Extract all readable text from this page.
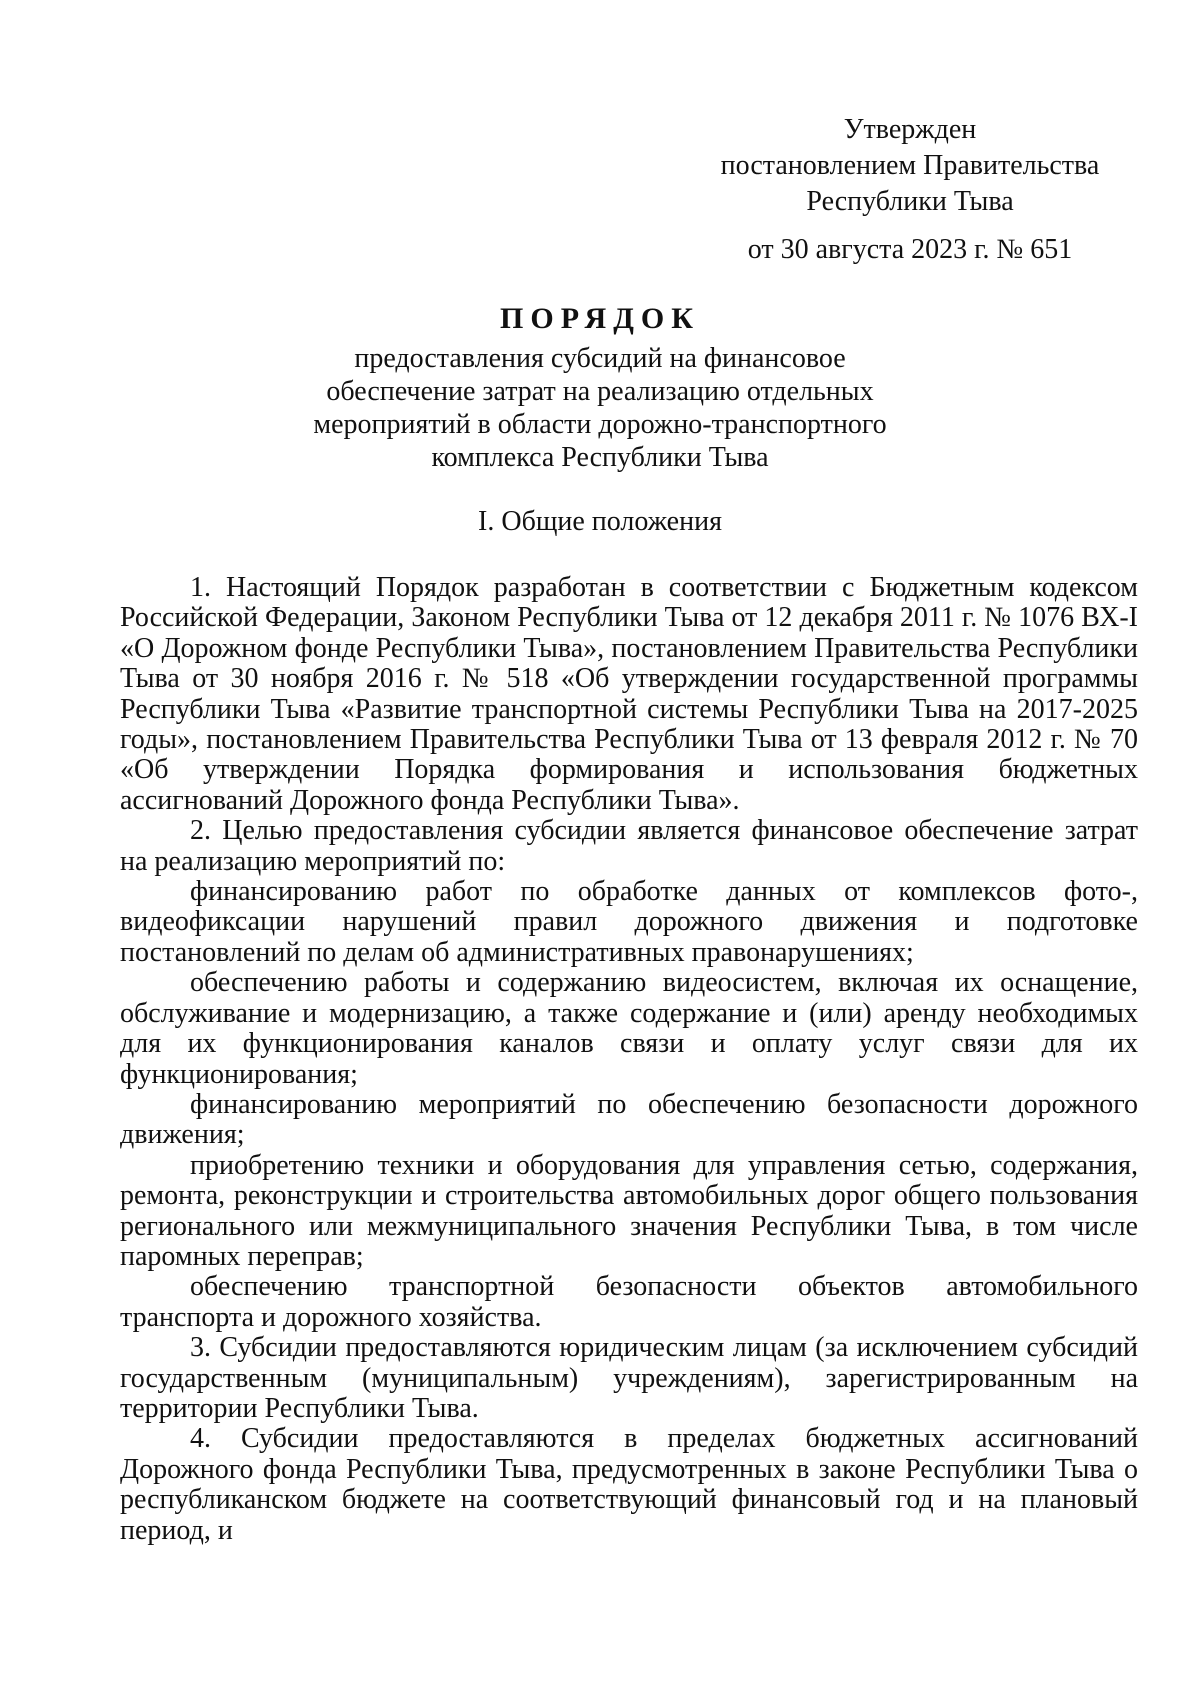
Утвержден
постановлением Правительства
Республики Тыва
от 30 августа 2023 г. № 651

ПОРЯДОК

предоставления субсидий на финансовое
обеспечение затрат на реализацию отдельных
мероприятий в области дорожно-транспортного
комплекса Республики Тыва

I. Общие положения

1. Настоящий Порядок разработан в соответствии с Бюджетным кодексом Российской Федерации, Законом Республики Тыва от 12 декабря 2011 г. № 1076 ВХ-I «О Дорожном фонде Республики Тыва», постановлением Правительства Республики Тыва от 30 ноября 2016 г. № 518 «Об утверждении государственной программы Республики Тыва «Развитие транспортной системы Республики Тыва на 2017-2025 годы», постановлением Правительства Республики Тыва от 13 февраля 2012 г. № 70 «Об утверждении Порядка формирования и использования бюджетных ассигнований Дорожного фонда Республики Тыва».

2. Целью предоставления субсидии является финансовое обеспечение затрат на реализацию мероприятий по:

финансированию работ по обработке данных от комплексов фото-, видеофиксации нарушений правил дорожного движения и подготовке постановлений по делам об административных правонарушениях;

обеспечению работы и содержанию видеосистем, включая их оснащение, обслуживание и модернизацию, а также содержание и (или) аренду необходимых для их функционирования каналов связи и оплату услуг связи для их функционирования;

финансированию мероприятий по обеспечению безопасности дорожного движения;

приобретению техники и оборудования для управления сетью, содержания, ремонта, реконструкции и строительства автомобильных дорог общего пользования регионального или межмуниципального значения Республики Тыва, в том числе паромных переправ;

обеспечению транспортной безопасности объектов автомобильного транспорта и дорожного хозяйства.

3. Субсидии предоставляются юридическим лицам (за исключением субсидий государственным (муниципальным) учреждениям), зарегистрированным на территории Республики Тыва.

4. Субсидии предоставляются в пределах бюджетных ассигнований Дорожного фонда Республики Тыва, предусмотренных в законе Республики Тыва о республиканском бюджете на соответствующий финансовый год и на плановый период, и
